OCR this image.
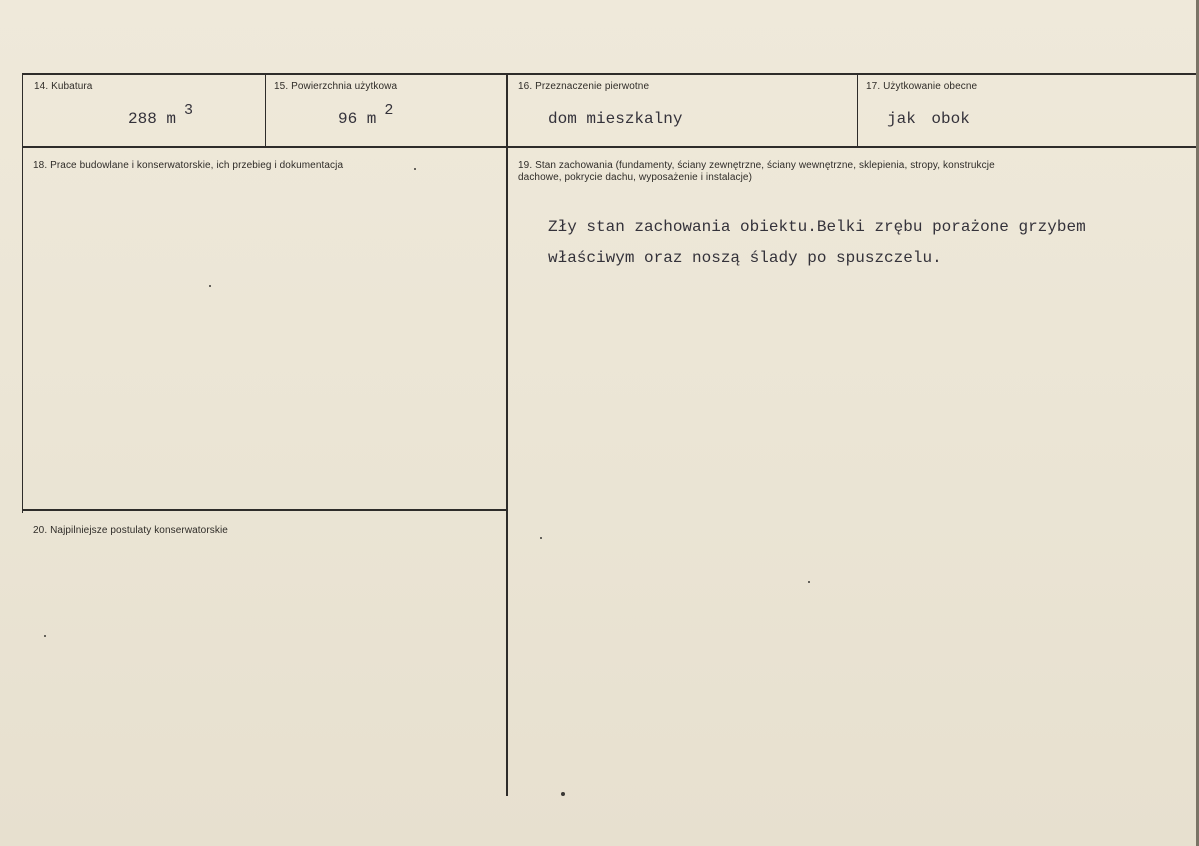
14. Kubatura
288 m 3
15. Powierzchnia użytkowa
96 m 2
16. Przeznaczenie pierwotne
dom mieszkalny
17. Użytkowanie obecne
jak obok
18. Prace budowlane i konserwatorskie, ich przebieg i dokumentacja	19. Stan zachowania (fundamenty, ściany zewnętrzne, ściany wewnętrzne, sklepienia, stropy, konstrukcje dachowe, pokrycie dachu, wyposażenie i instalacje)
Zły stan zachowania obiektu.Belki zrębu porażone grzybem
właściwym oraz noszą ślady po spuszczelu.
20. Najpilniejsze postulaty konserwatorskie
